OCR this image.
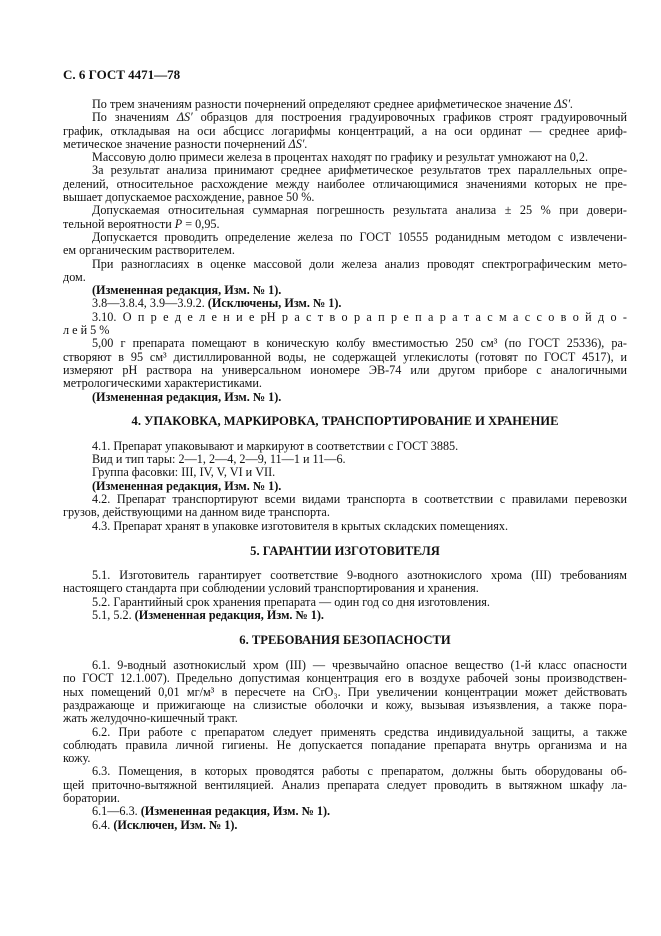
С. 6 ГОСТ 4471—78
По трем значениям разности почернений определяют среднее арифметическое значение ΔS′.
По значениям ΔS′ образцов для построения градуировочных графиков строят градуировочный
график, откладывая на оси абсцисс логарифмы концентраций, а на оси ординат — среднее ариф-
метическое значение разности почернений ΔS′.
Массовую долю примеси железа в процентах находят по графику и результат умножают на 0,2.
За результат анализа принимают среднее арифметическое результатов трех параллельных опре-
делений, относительное расхождение между наиболее отличающимися значениями которых не пре-
вышает допускаемое расхождение, равное 50 %.
Допускаемая относительная суммарная погрешность результата анализа ± 25 % при довери-
тельной вероятности P = 0,95.
Допускается проводить определение железа по ГОСТ 10555 роданидным методом с извлечени-
ем органическим растворителем.
При разногласиях в оценке массовой доли железа анализ проводят спектрографическим мето-
дом.
(Измененная редакция, Изм. № 1).
3.8—3.8.4, 3.9—3.9.2. (Исключены, Изм. № 1).
3.10. О п р е д е л е н и е pH р а с т в о р а п р е п а р а т а с м а с с о в о й д о -
л е й 5 %
5,00 г препарата помещают в коническую колбу вместимостью 250 см³ (по ГОСТ 25336), ра-
створяют в 95 см³ дистиллированной воды, не содержащей углекислоты (готовят по ГОСТ 4517), и
измеряют pH раствора на универсальном иономере ЭВ-74 или другом приборе с аналогичными
метрологическими характеристиками.
(Измененная редакция, Изм. № 1).
4. УПАКОВКА, МАРКИРОВКА, ТРАНСПОРТИРОВАНИЕ И ХРАНЕНИЕ
4.1. Препарат упаковывают и маркируют в соответствии с ГОСТ 3885.
Вид и тип тары: 2—1, 2—4, 2—9, 11—1 и 11—6.
Группа фасовки: III, IV, V, VI и VII.
(Измененная редакция, Изм. № 1).
4.2. Препарат транспортируют всеми видами транспорта в соответствии с правилами перевозки
грузов, действующими на данном виде транспорта.
4.3. Препарат хранят в упаковке изготовителя в крытых складских помещениях.
5. ГАРАНТИИ ИЗГОТОВИТЕЛЯ
5.1. Изготовитель гарантирует соответствие 9-водного азотнокислого хрома (III) требованиям
настоящего стандарта при соблюдении условий транспортирования и хранения.
5.2. Гарантийный срок хранения препарата — один год со дня изготовления.
5.1, 5.2. (Измененная редакция, Изм. № 1).
6. ТРЕБОВАНИЯ БЕЗОПАСНОСТИ
6.1. 9-водный азотнокислый хром (III) — чрезвычайно опасное вещество (1-й класс опасности
по ГОСТ 12.1.007). Предельно допустимая концентрация его в воздухе рабочей зоны производствен-
ных помещений 0,01 мг/м³ в пересчете на CrO₃. При увеличении концентрации может действовать
раздражающе и прижигающе на слизистые оболочки и кожу, вызывая изъязвления, а также пора-
жать желудочно-кишечный тракт.
6.2. При работе с препаратом следует применять средства индивидуальной защиты, а также
соблюдать правила личной гигиены. Не допускается попадание препарата внутрь организма и на
кожу.
6.3. Помещения, в которых проводятся работы с препаратом, должны быть оборудованы об-
щей приточно-вытяжной вентиляцией. Анализ препарата следует проводить в вытяжном шкафу ла-
боратории.
6.1—6.3. (Измененная редакция, Изм. № 1).
6.4. (Исключен, Изм. № 1).
